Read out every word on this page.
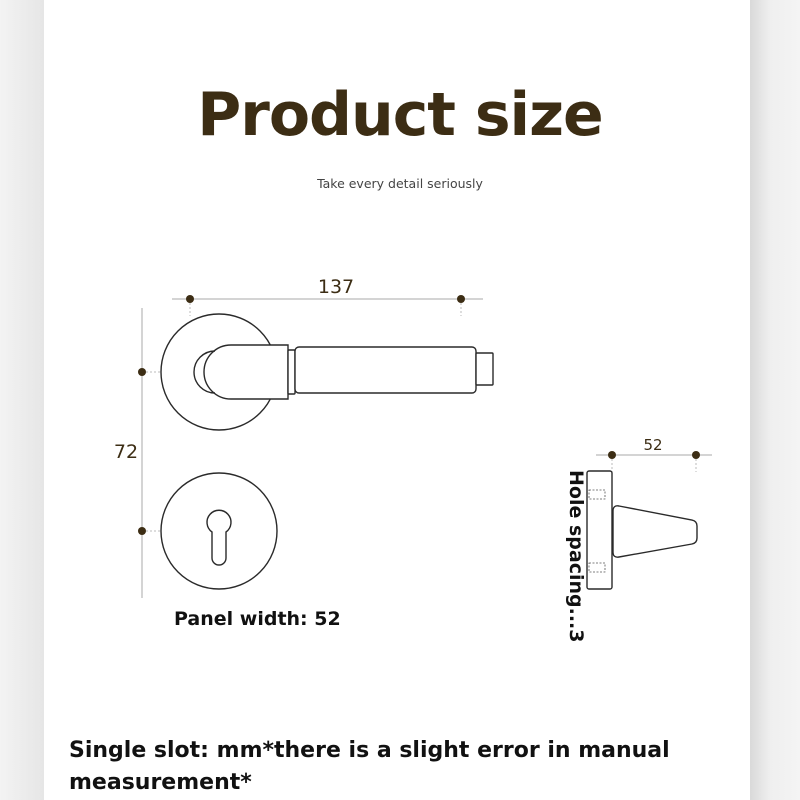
Product size
Take every detail seriously
137
72	52
Panel width: 52	Hole spacing...3
Single slot: mm*there is a slight error in manual measurement*
